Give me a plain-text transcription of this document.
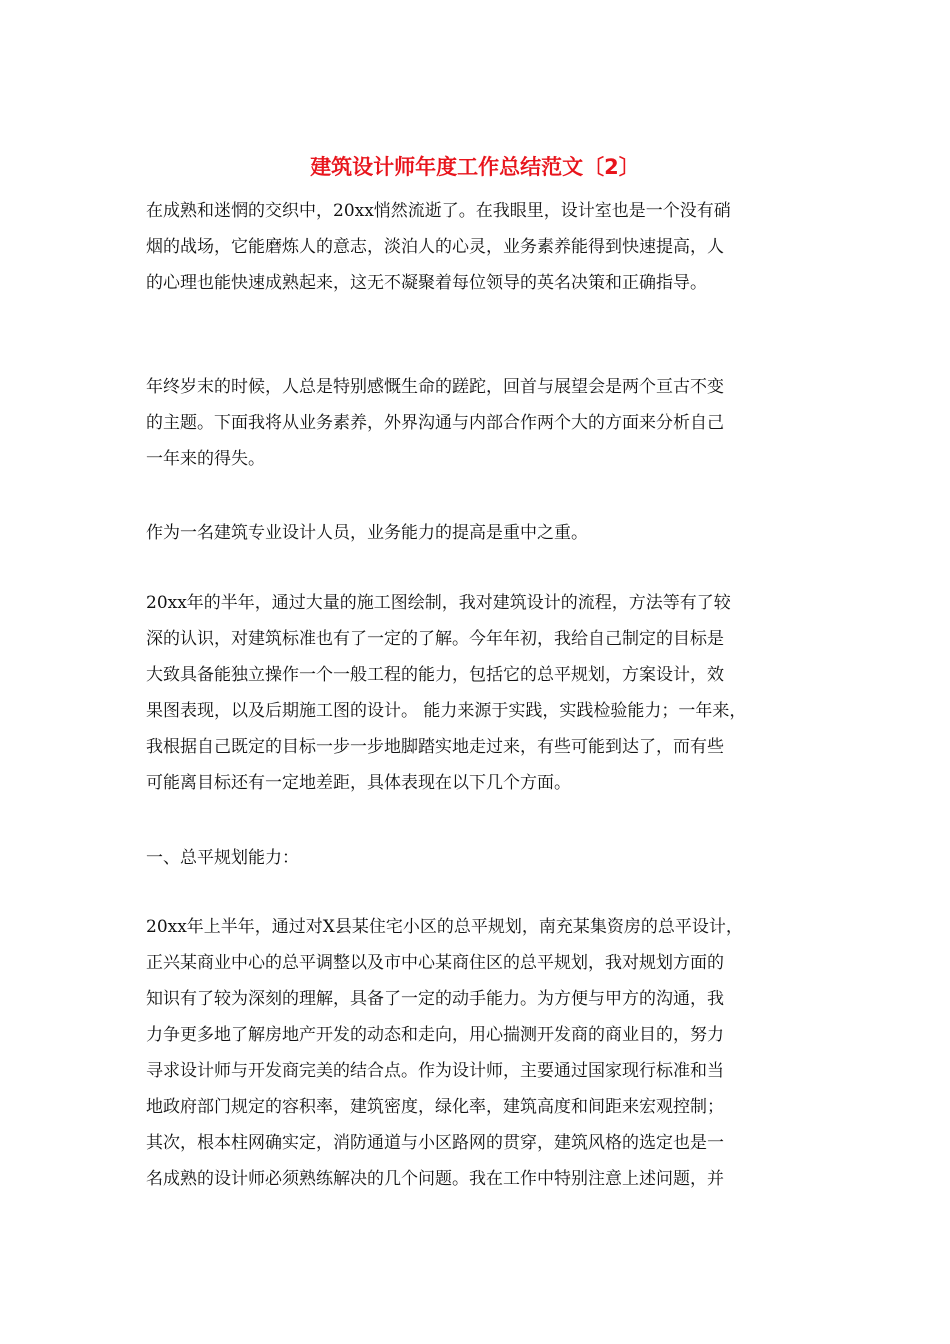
建筑设计师年度工作总结范文〔2〕
在成熟和迷惘的交织中，20xx悄然流逝了。在我眼里，设计室也是一个没有硝
烟的战场，它能磨炼人的意志，淡泊人的心灵，业务素养能得到快速提高，人
的心理也能快速成熟起来，这无不凝聚着每位领导的英名决策和正确指导。
年终岁末的时候，人总是特别感慨生命的蹉跎，回首与展望会是两个亘古不变
的主题。下面我将从业务素养，外界沟通与内部合作两个大的方面来分析自己
一年来的得失。
作为一名建筑专业设计人员，业务能力的提高是重中之重。
20xx年的半年，通过大量的施工图绘制，我对建筑设计的流程，方法等有了较
深的认识，对建筑标准也有了一定的了解。今年年初，我给自己制定的目标是
大致具备能独立操作一个一般工程的能力，包括它的总平规划，方案设计，效
果图表现，以及后期施工图的设计。 能力来源于实践，实践检验能力；一年来，
我根据自己既定的目标一步一步地脚踏实地走过来，有些可能到达了，而有些
可能离目标还有一定地差距，具体表现在以下几个方面。
一、总平规划能力：
20xx年上半年，通过对X县某住宅小区的总平规划，南充某集资房的总平设计，
正兴某商业中心的总平调整以及市中心某商住区的总平规划，我对规划方面的
知识有了较为深刻的理解，具备了一定的动手能力。为方便与甲方的沟通，我
力争更多地了解房地产开发的动态和走向，用心揣测开发商的商业目的，努力
寻求设计师与开发商完美的结合点。作为设计师，主要通过国家现行标准和当
地政府部门规定的容积率，建筑密度，绿化率，建筑高度和间距来宏观控制；
其次，根本柱网确实定，消防通道与小区路网的贯穿，建筑风格的选定也是一
名成熟的设计师必须熟练解决的几个问题。我在工作中特别注意上述问题，并
